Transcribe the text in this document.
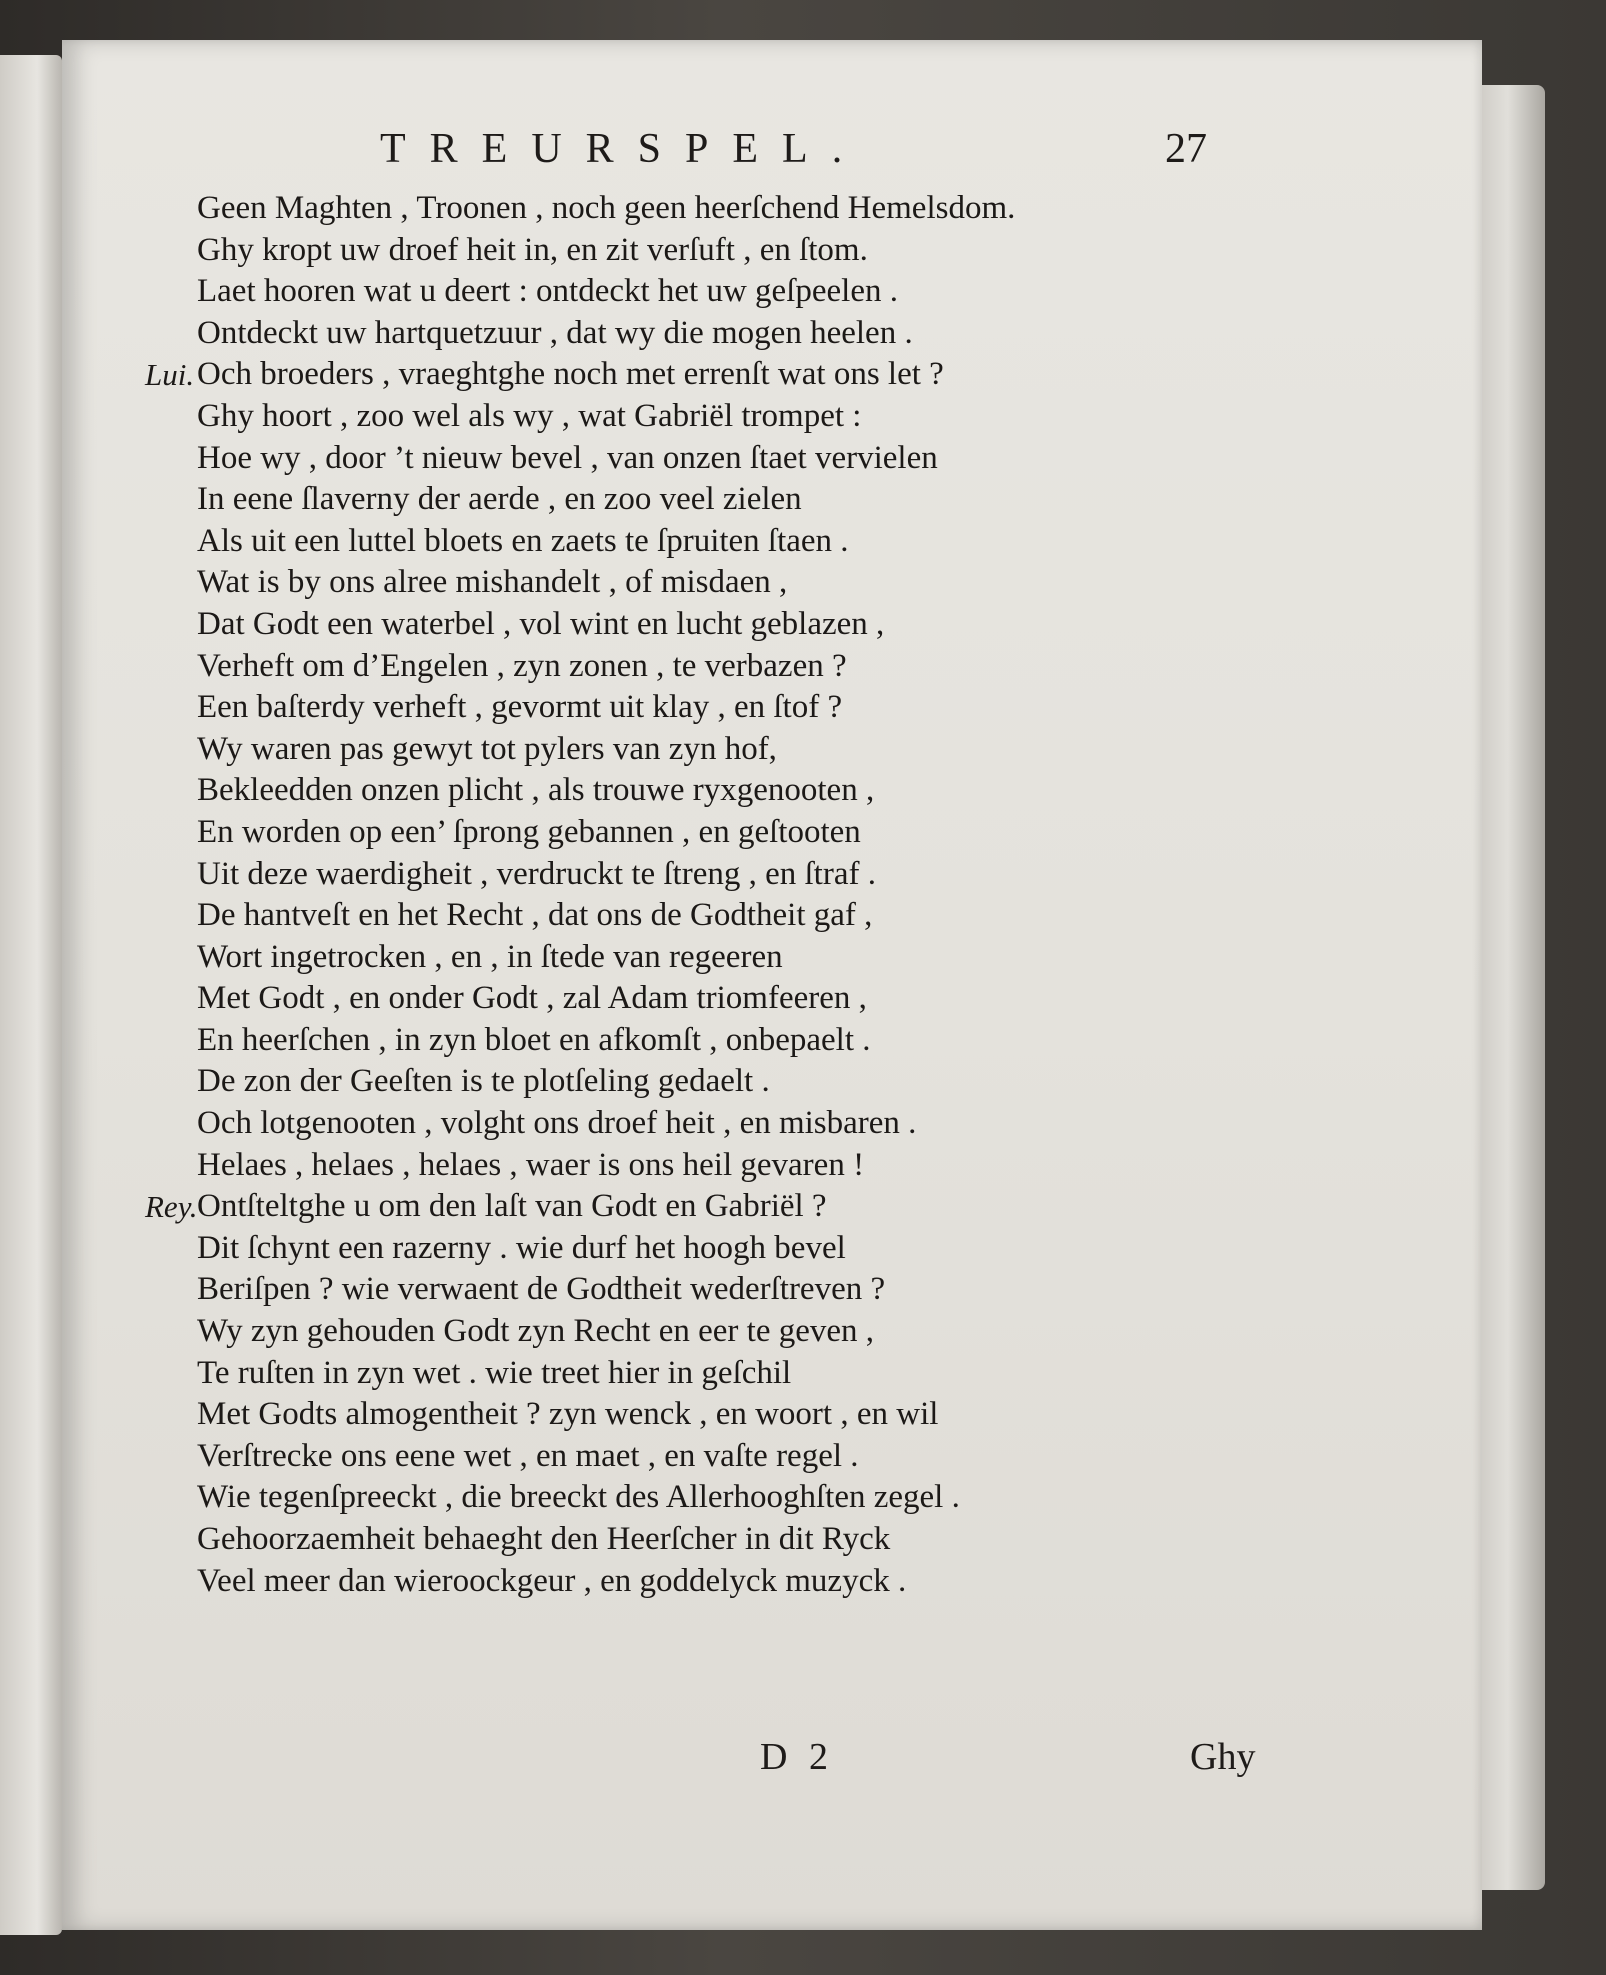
TREURSPEL.	27
Geen Maghten , Troonen , noch geen heerſchend Hemelsdom.
Ghy kropt uw droef heit in, en zit verſuft , en ſtom.
Laet hooren wat u deert : ontdeckt het uw geſpeelen .
Ontdeckt uw hartquetzuur , dat wy die mogen heelen .
Lui. Och broeders , vraeghtghe noch met errenſt wat ons let ?
Ghy hoort , zoo wel als wy , wat Gabriël trompet :
Hoe wy , door ’t nieuw bevel , van onzen ſtaet vervielen
In eene ſlaverny der aerde , en zoo veel zielen
Als uit een luttel bloets en zaets te ſpruiten ſtaen .
Wat is by ons alree mishandelt , of misdaen ,
Dat Godt een waterbel , vol wint en lucht geblazen ,
Verheft om d’Engelen , zyn zonen , te verbazen ?
Een baſterdy verheft , gevormt uit klay , en ſtof ?
Wy waren pas gewyt tot pylers van zyn hof,
Bekleedden onzen plicht , als trouwe ryxgenooten ,
En worden op een’ ſprong gebannen , en geſtooten
Uit deze waerdigheit , verdruckt te ſtreng , en ſtraf .
De hantveſt en het Recht , dat ons de Godtheit gaf ,
Wort ingetrocken , en , in ſtede van regeeren
Met Godt , en onder Godt , zal Adam triomfeeren ,
En heerſchen , in zyn bloet en afkomſt , onbepaelt .
De zon der Geeſten is te plotſeling gedaelt .
Och lotgenooten , volght ons droef heit , en misbaren .
Helaes , helaes , helaes , waer is ons heil gevaren !
Rey. Ontſteltghe u om den laſt van Godt en Gabriël ?
Dit ſchynt een razerny . wie durf het hoogh bevel
Beriſpen ? wie verwaent de Godtheit wederſtreven ?
Wy zyn gehouden Godt zyn Recht en eer te geven ,
Te ruſten in zyn wet . wie treet hier in geſchil
Met Godts almogentheit ? zyn wenck , en woort , en wil
Verſtrecke ons eene wet , en maet , en vaſte regel .
Wie tegenſpreeckt , die breeckt des Allerhooghſten zegel .
Gehoorzaemheit behaeght den Heerſcher in dit Ryck
Veel meer dan wieroockgeur , en goddelyck muzyck .
D 2	Ghy
